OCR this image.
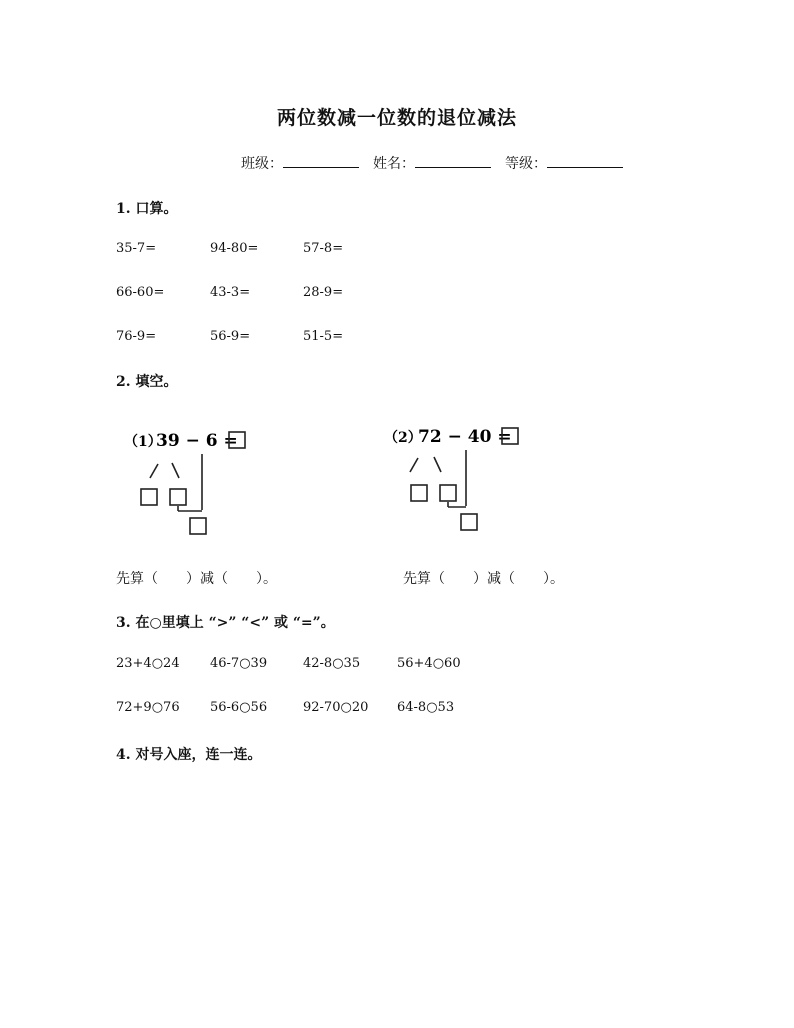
两位数减一位数的退位减法
班级：	姓名：	等级：
1. 口算。
35-7=	94-80=	57-8=
66-60=	43-3=	28-9=
76-9=	56-9=	51-5=
2. 填空。
（1）
39 − 6 =	（2）
72 − 40 =
先算（　　）减（　　）。	先算（　　）减（　　）。
3. 在○里填上 “>” “<” 或 “=”。
23+4○24 46-7○39	42-8○35	56+4○60
72+9○76 56-6○56	92-70○20 64-8○53
4. 对号入座，连一连。
